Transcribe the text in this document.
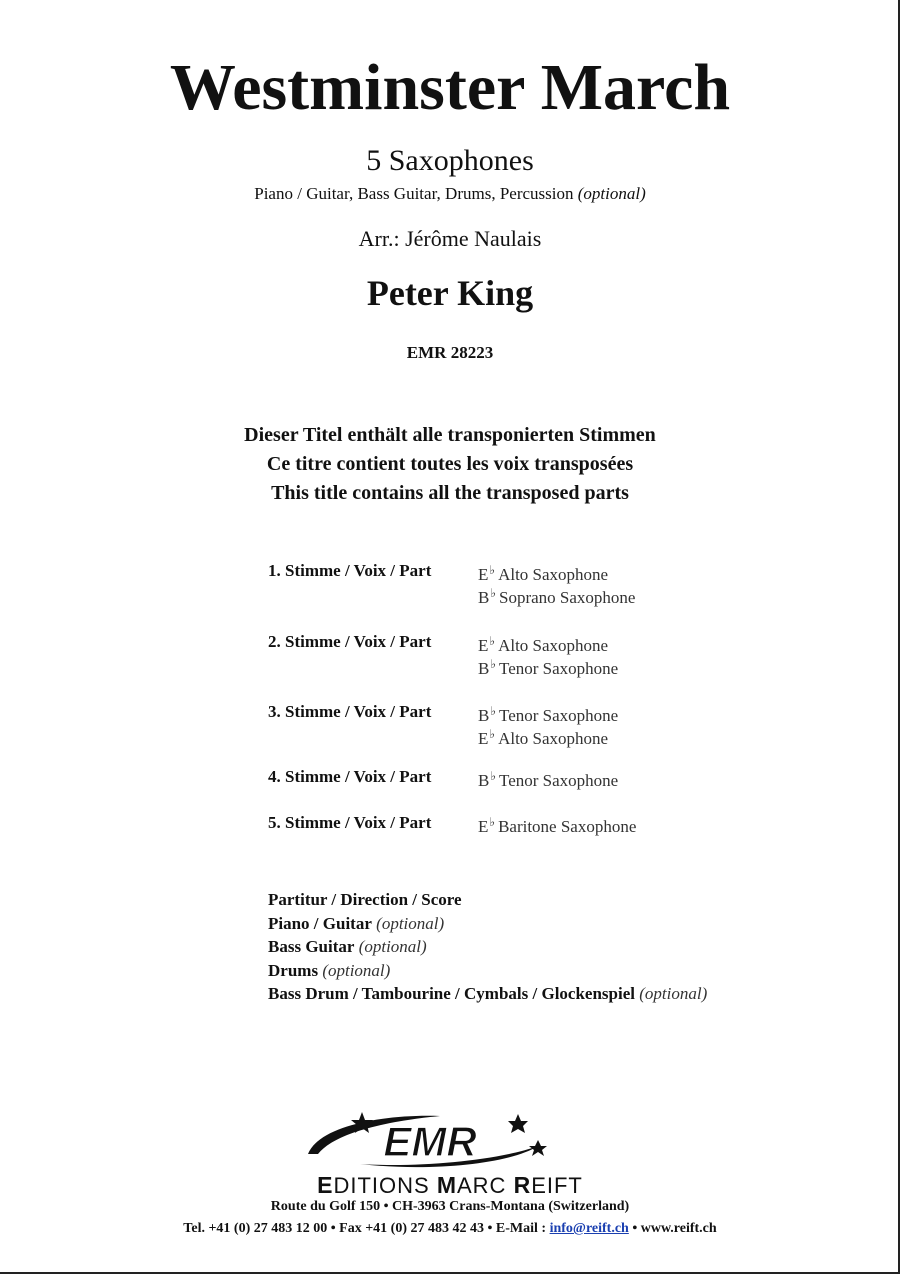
Westminster March
5 Saxophones
Piano / Guitar, Bass Guitar, Drums, Percussion (optional)
Arr.: Jérôme Naulais
Peter King
EMR 28223
Dieser Titel enthält alle transponierten Stimmen
Ce titre contient toutes les voix transposées
This title contains all the transposed parts
1. Stimme / Voix / Part	E♭ Alto Saxophone
B♭ Soprano Saxophone
2. Stimme / Voix / Part	E♭ Alto Saxophone
B♭ Tenor Saxophone
3. Stimme / Voix / Part	B♭ Tenor Saxophone
E♭ Alto Saxophone
4. Stimme / Voix / Part	B♭ Tenor Saxophone
5. Stimme / Voix / Part	E♭ Baritone Saxophone
Partitur / Direction / Score
Piano / Guitar (optional)
Bass Guitar (optional)
Drums (optional)
Bass Drum / Tambourine / Cymbals / Glockenspiel (optional)
EMR
EDITIONS MARC REIFT
Route du Golf 150 • CH-3963 Crans-Montana (Switzerland)
Tel. +41 (0) 27 483 12 00 • Fax +41 (0) 27 483 42 43 • E-Mail : info@reift.ch • www.reift.ch
